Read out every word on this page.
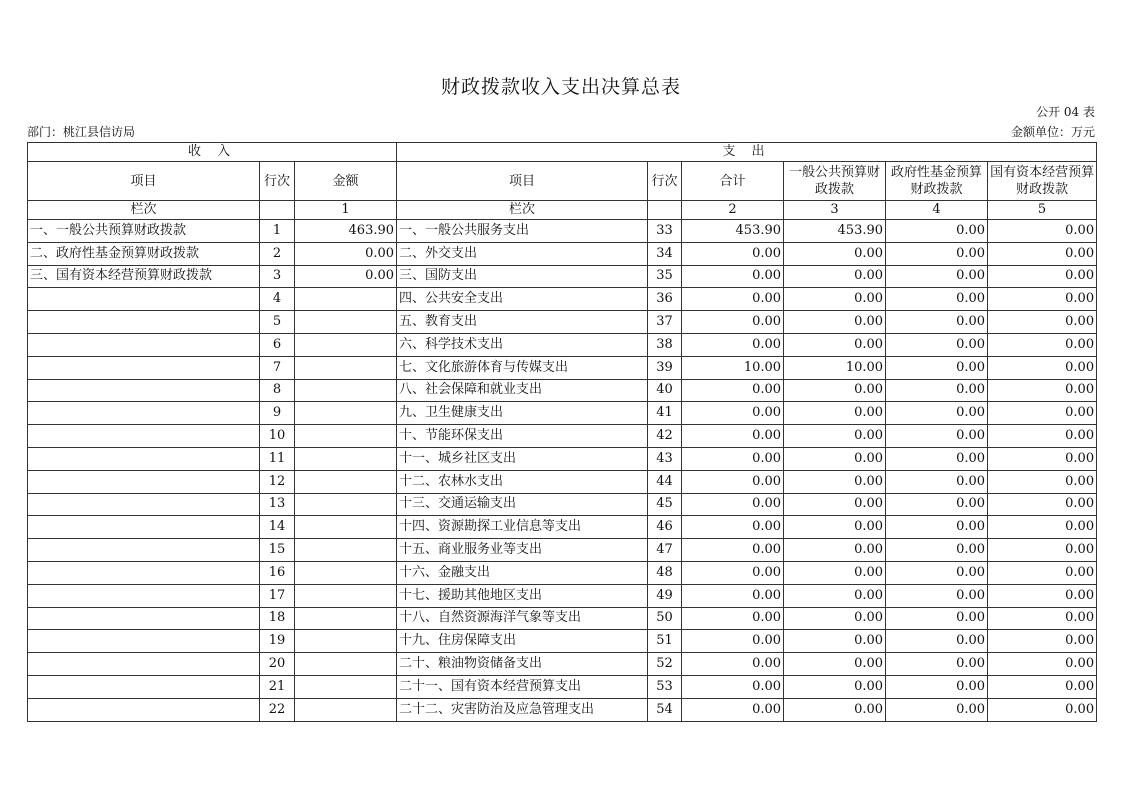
财政拨款收入支出决算总表
公开 04 表
部门：桃江县信访局	金额单位：万元
收 入			支 出					
项目	行次	金额	项目	行次	合计	一般公共预算财政拨款	政府性基金预算财政拨款	国有资本经营预算财政拨款
栏次		1	栏次		2	3	4	5
一、一般公共预算财政拨款	1	463.90	一、一般公共服务支出	33	453.90	453.90	0.00	0.00
二、政府性基金预算财政拨款	2	0.00	二、外交支出	34	0.00	0.00	0.00	0.00
三、国有资本经营预算财政拨款	3	0.00	三、国防支出	35	0.00	0.00	0.00	0.00
	4		四、公共安全支出	36	0.00	0.00	0.00	0.00
	5		五、教育支出	37	0.00	0.00	0.00	0.00
	6		六、科学技术支出	38	0.00	0.00	0.00	0.00
	7		七、文化旅游体育与传媒支出	39	10.00	10.00	0.00	0.00
	8		八、社会保障和就业支出	40	0.00	0.00	0.00	0.00
	9		九、卫生健康支出	41	0.00	0.00	0.00	0.00
	10		十、节能环保支出	42	0.00	0.00	0.00	0.00
	11		十一、城乡社区支出	43	0.00	0.00	0.00	0.00
	12		十二、农林水支出	44	0.00	0.00	0.00	0.00
	13		十三、交通运输支出	45	0.00	0.00	0.00	0.00
	14		十四、资源勘探工业信息等支出	46	0.00	0.00	0.00	0.00
	15		十五、商业服务业等支出	47	0.00	0.00	0.00	0.00
	16		十六、金融支出	48	0.00	0.00	0.00	0.00
	17		十七、援助其他地区支出	49	0.00	0.00	0.00	0.00
	18		十八、自然资源海洋气象等支出	50	0.00	0.00	0.00	0.00
	19		十九、住房保障支出	51	0.00	0.00	0.00	0.00
	20		二十、粮油物资储备支出	52	0.00	0.00	0.00	0.00
	21		二十一、国有资本经营预算支出	53	0.00	0.00	0.00	0.00
	22		二十二、灾害防治及应急管理支出	54	0.00	0.00	0.00	0.00
